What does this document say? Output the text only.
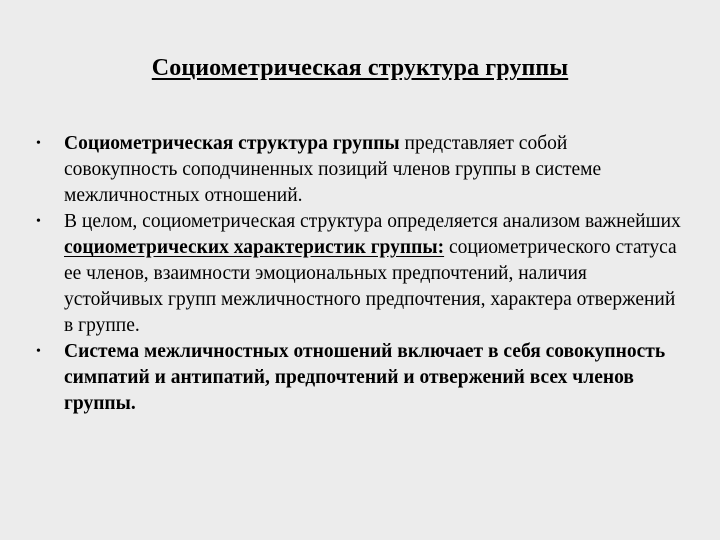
Социометрическая структура группы
•	Социометрическая структура группы представляет собой совокупность соподчиненных позиций членов группы в системе межличностных отношений.
•	В целом, социометрическая структура определяется анализом важнейших социометрических характеристик группы: социометрического статуса ее членов, взаимности эмоциональных предпочтений, наличия устойчивых групп межличностного предпочтения, характера отвержений в группе.
•	Система межличностных отношений включает в себя совокупность симпатий и антипатий, предпочтений и отвержений всех членов группы.
